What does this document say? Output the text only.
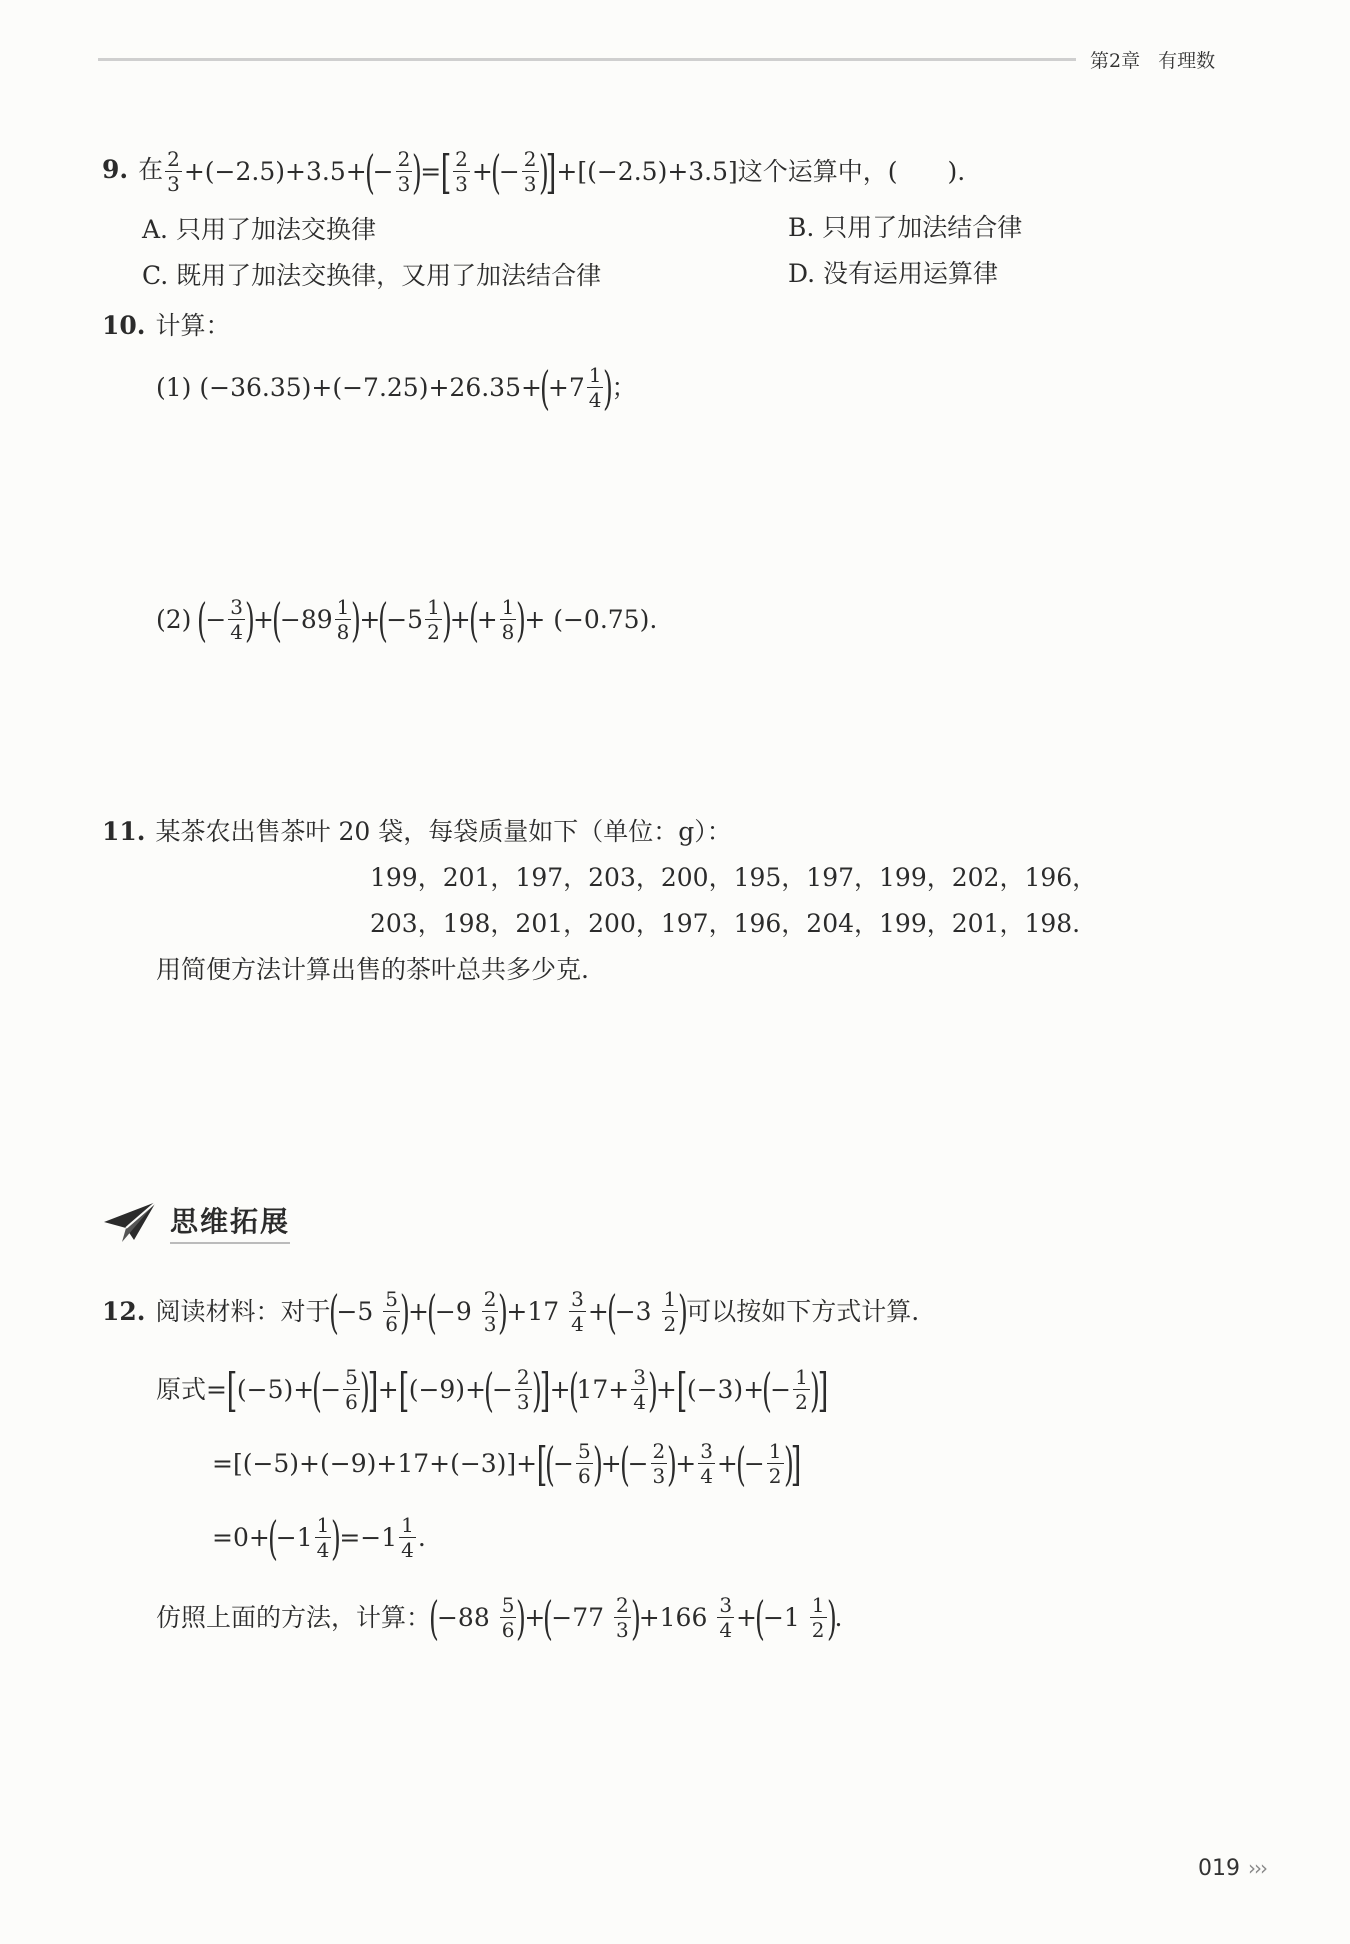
第2章 有理数
9. 在 $\frac{2}{3} +(-2.5)+3.5+$
(
− $\frac{2}{3}$ )
= [ $\frac{2}{3}$ +
(
− $\frac{2}{3}$ )
] +[(−2.5)+3.5]这个运算中，(　　).
A. 只用了加法交换律	B. 只用了加法结合律
C. 既用了加法交换律，又用了加法结合律	D. 没有运用运算律
10. 计算：
(1)
(−36.35)+(−7.25)+26.35+
(
$+7 \frac{1}{4}$ )
；
(2)
(
− $\frac{3}{4}$ )
+
(
$-89 \frac{1}{8}$ )
+
(
$-5 \frac{1}{2}$ )
+
(
+ $\frac{1}{8}$ )
+ (−0.75).
11. 某茶农出售茶叶 20 袋，每袋质量如下（单位：g）：
199，201，197，203，200，195，197，199，202，196，
203，198，201，200，197，196，204，199，201，198.
用简便方法计算出售的茶叶总共多少克.
思维拓展
12. 阅读材料：对于
(
−5
$\frac{5}{6}$ )
+
(
−9
$\frac{2}{3}$ )
+17
$\frac{3}{4}$ +
(
−3
$\frac{1}{2}$ )
可以按如下方式计算.
原式= [ (−5) +
(
− $\frac{5}{6}$ )
] + [ (−9) +
(
− $\frac{2}{3}$ )
] +
(
$17 + \frac{3}{4}$ )
+ [ (−3) +
(
− $\frac{1}{2}$ )
]
=[(−5)+(−9)+17+(−3)]+ [
(
− $\frac{5}{6}$ )
+
(
− $\frac{2}{3}$ )
+ $\frac{3}{4}$ +
(
− $\frac{1}{2}$ )
]
=0+
(
$-1 \frac{1}{4}$ )
$=-1 \frac{1}{4}$ .
仿照上面的方法，计算：
(
−88
$\frac{5}{6}$ )
+
(
−77
$\frac{2}{3}$ )
+166
$\frac{3}{4}$ +
(
−1
$\frac{1}{2}$ )
.
019 ›››
